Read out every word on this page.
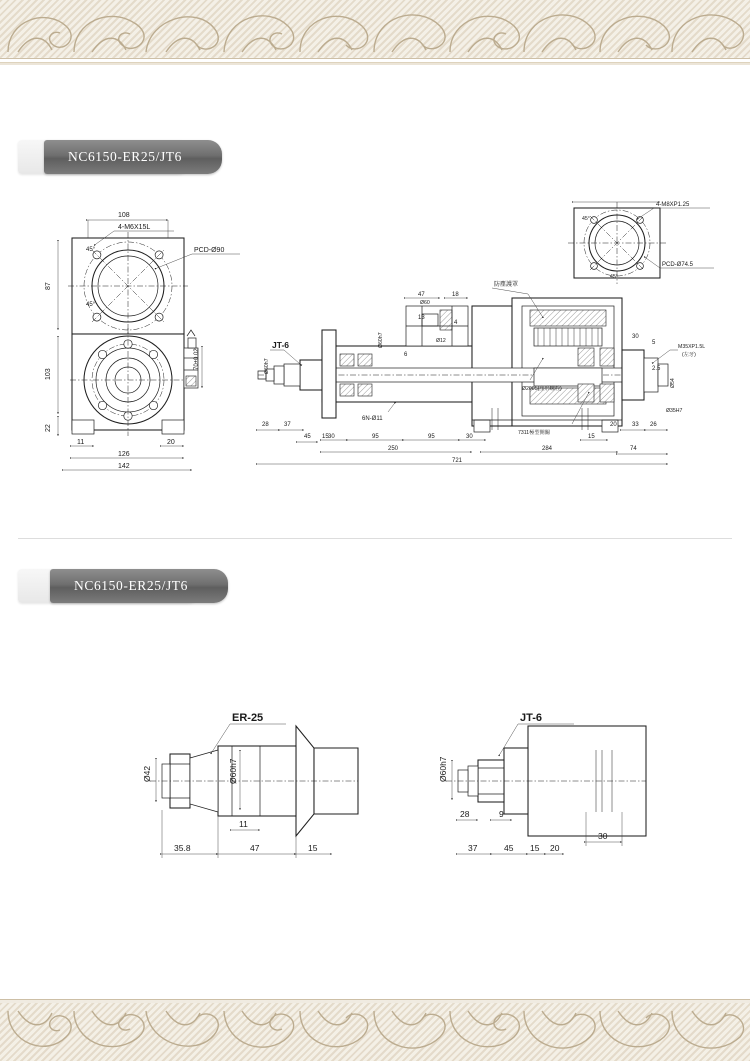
NC6150-ER25/JT6
108
4-M6X15L
PCD-Ø90
45°
45°
87
103
22
11	20
126
142
70±0.02
4-M8XP1.25
PCD-Ø74.5
45°
45°
防塵護罩
Ø2005(座形螺栓)
7311極型開關
JT-6	M35XP1.5L
(左牙)
6N-Ø11
Ø60
Ø60h7
Ø60h7
Ø12
Ø54
Ø35H7
47	18
13
4
6
5
2.5
30
30	95	95	30	15
250	284
721
28	37
45 15
33 26
74
20
NC6150-ER25/JT6
ER-25
Ø42	Ø60h7
11
35.8	47	15
JT-6
Ø60h7
28	9
37	45 15 20
30
